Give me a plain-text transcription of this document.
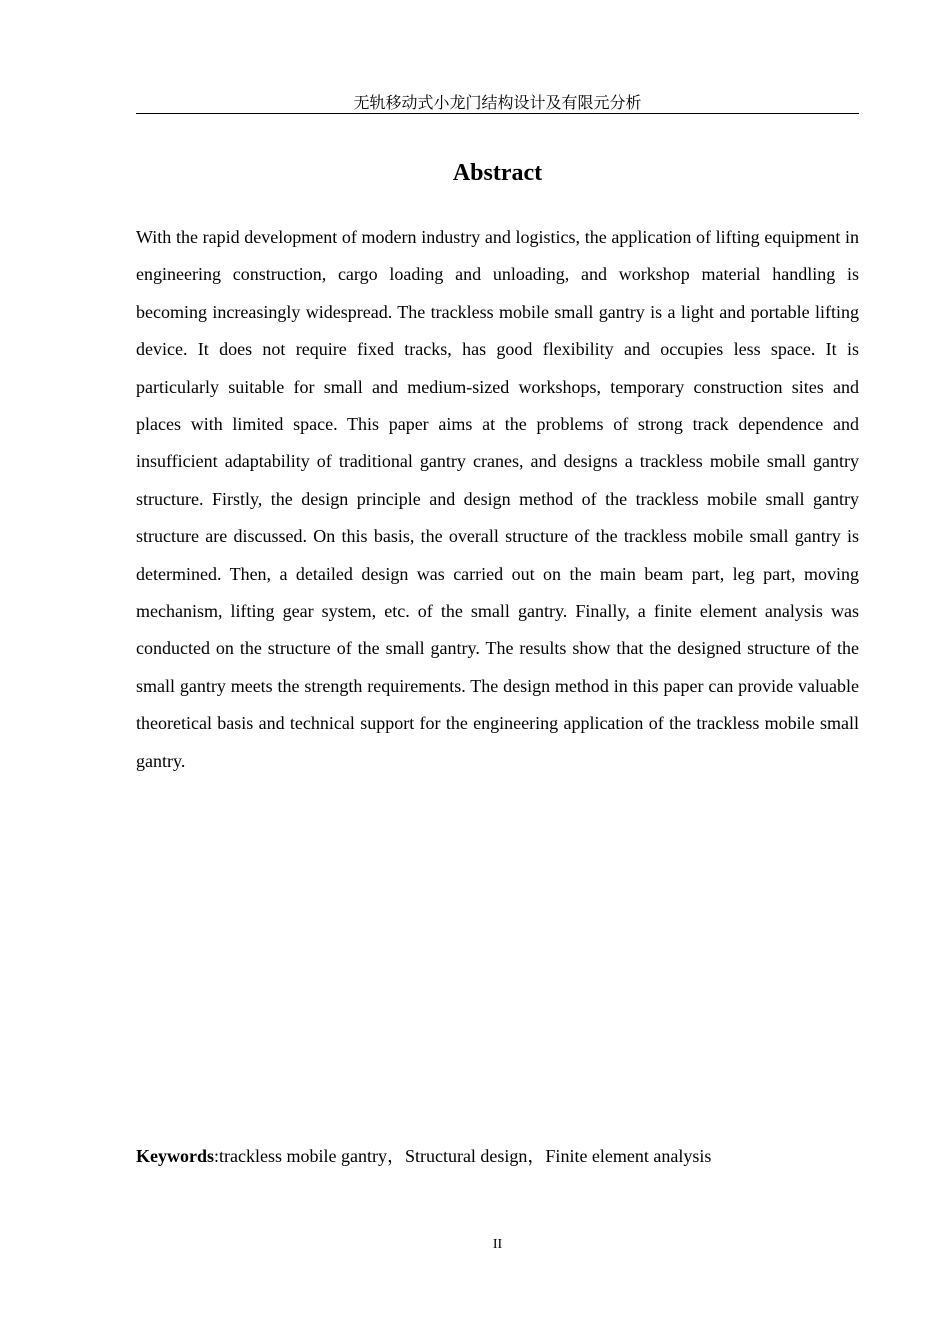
无轨移动式小龙门结构设计及有限元分析
Abstract

With the rapid development of modern industry and logistics, the application of lifting equipment in engineering construction, cargo loading and unloading, and workshop material handling is becoming increasingly widespread. The trackless mobile small gantry is a light and portable lifting device. It does not require fixed tracks, has good flexibility and occupies less space. It is particularly suitable for small and medium-sized workshops, temporary construction sites and places with limited space. This paper aims at the problems of strong track dependence and insufficient adaptability of traditional gantry cranes, and designs a trackless mobile small gantry structure. Firstly, the design principle and design method of the trackless mobile small gantry structure are discussed. On this basis, the overall structure of the trackless mobile small gantry is determined. Then, a detailed design was carried out on the main beam part, leg part, moving mechanism, lifting gear system, etc. of the small gantry. Finally, a finite element analysis was conducted on the structure of the small gantry. The results show that the designed structure of the small gantry meets the strength requirements. The design method in this paper can provide valuable theoretical basis and technical support for the engineering application of the trackless mobile small gantry.

Keywords:trackless mobile gantry，Structural design，Finite element analysis

II
